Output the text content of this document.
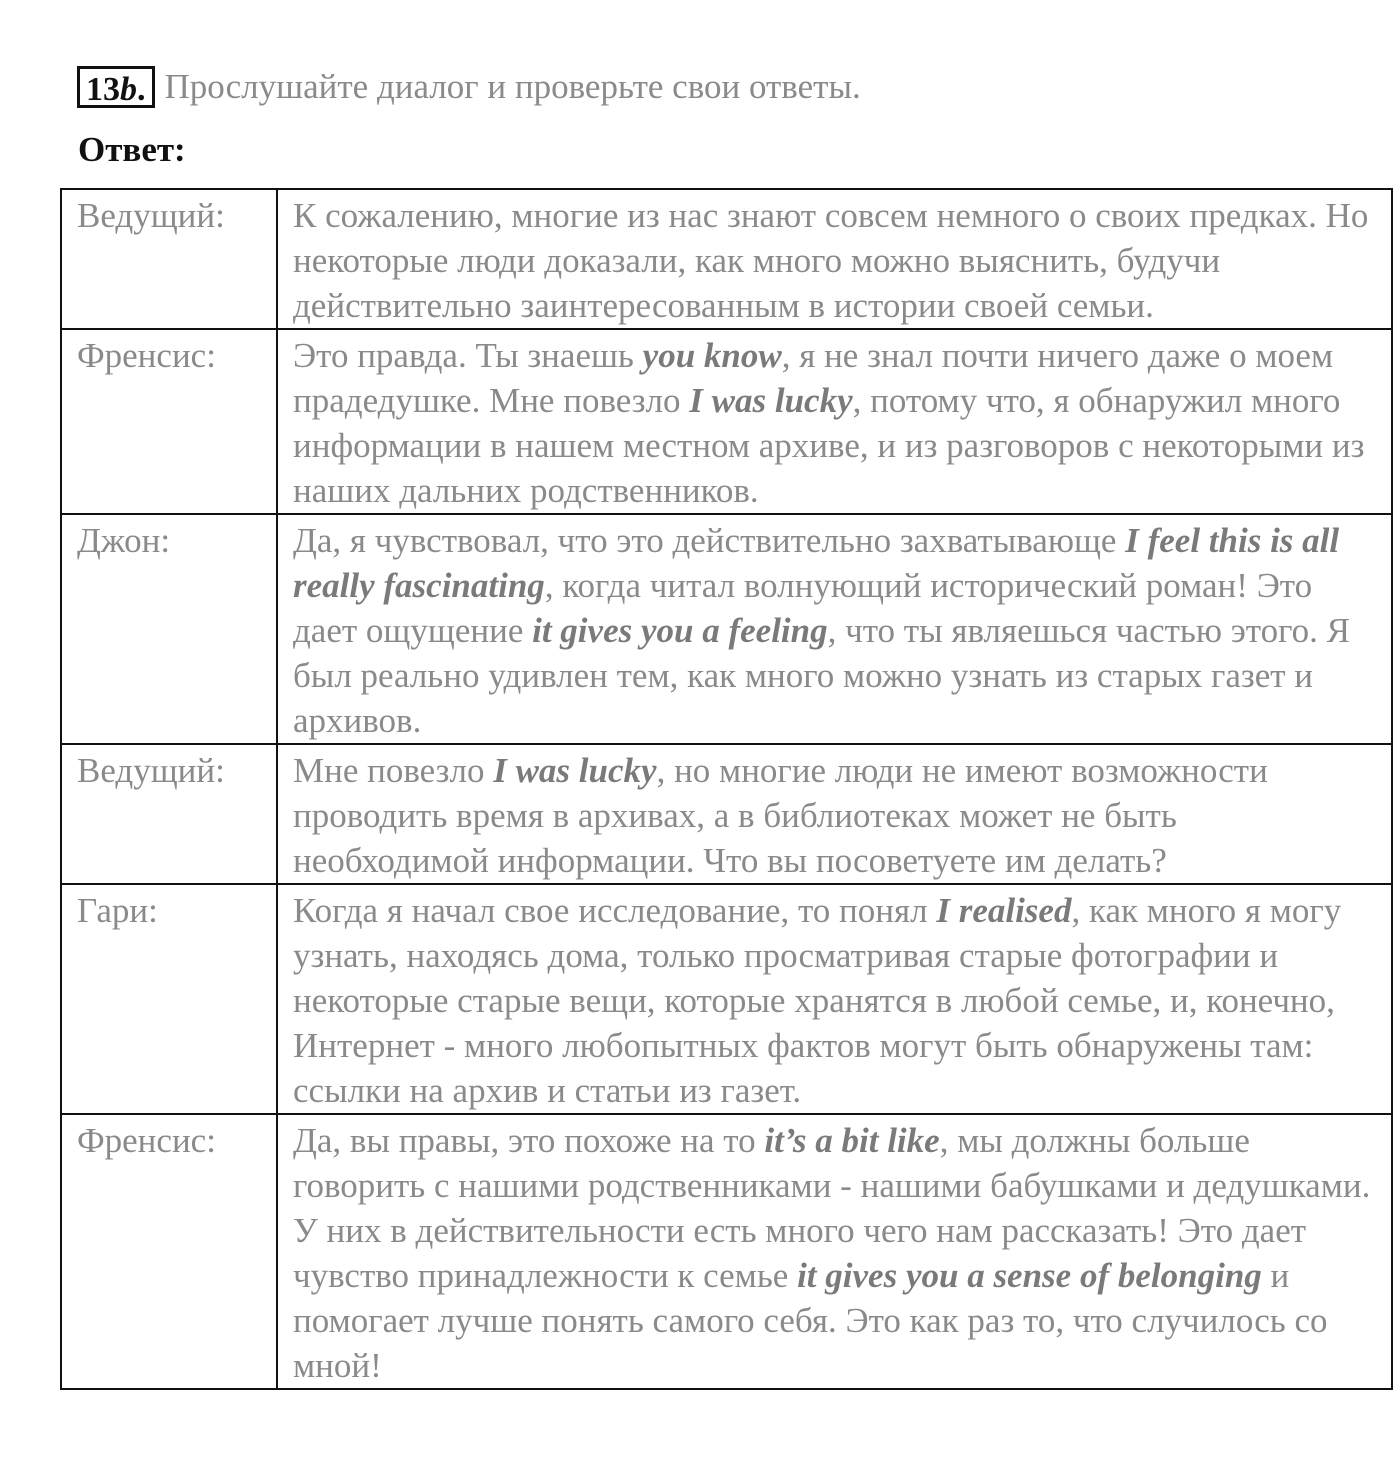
13b. Прослушайте диалог и проверьте свои ответы.
Ответ:
Ведущий:	К сожалению, многие из нас знают совсем немного о своих предках. Но некоторые люди доказали, как много можно выяснить, будучи действительно заинтересованным в истории своей семьи.
Френсис:	Это правда. Ты знаешь you know, я не знал почти ничего даже о моем прадедушке. Мне повезло I was lucky, потому что, я обнаружил много информации в нашем местном архиве, и из разговоров с некоторыми из наших дальних родственников.
Джон:	Да, я чувствовал, что это действительно захватывающе I feel this is all really fascinating, когда читал волнующий исторический роман! Это дает ощущение it gives you a feeling, что ты являешься частью этого. Я был реально удивлен тем, как много можно узнать из старых газет и архивов.
Ведущий:	Мне повезло I was lucky, но многие люди не имеют возможности проводить время в архивах, а в библиотеках может не быть необходимой информации. Что вы посоветуете им делать?
Гари:	Когда я начал свое исследование, то понял I realised, как много я могу узнать, находясь дома, только просматривая старые фотографии и некоторые старые вещи, которые хранятся в любой семье, и, конечно, Интернет - много любопытных фактов могут быть обнаружены там: ссылки на архив и статьи из газет.
Френсис:	Да, вы правы, это похоже на то it’s a bit like, мы должны больше говорить с нашими родственниками - нашими бабушками и дедушками. У них в действительности есть много чего нам рассказать! Это дает чувство принадлежности к семье it gives you a sense of belonging и помогает лучше понять самого себя. Это как раз то, что случилось со мной!
